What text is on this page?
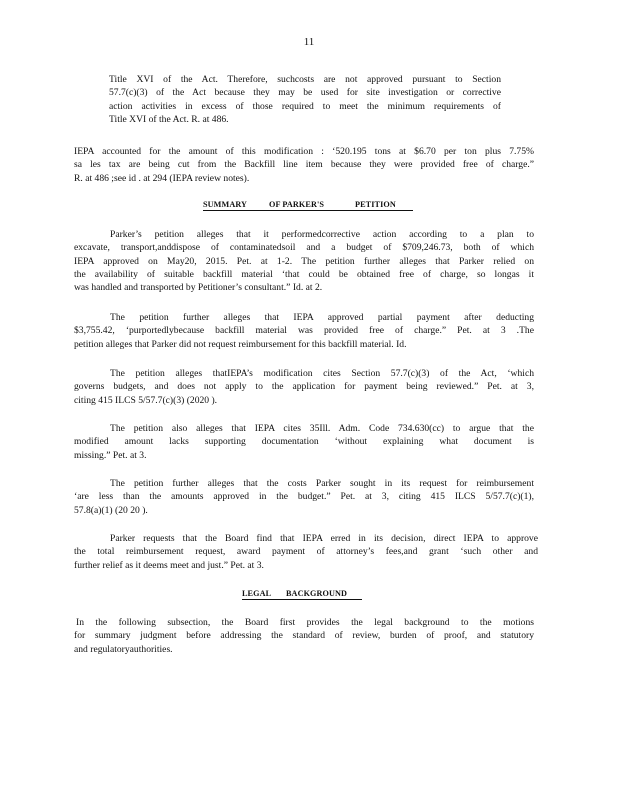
11
Title XVI of the Act. Therefore, suchcosts are not approved pursuant to Section
57.7(c)(3) of the Act because they may be used for site investigation or corrective
action activities in excess of those required to meet the minimum requirements of
Title XVI of the Act. R. at 486.
IEPA accounted for the amount of this modification : ‘520.195 tons at $6.70 per ton plus 7.75%
sa les tax are being cut from the Backfill line item because they were provided free of charge.”
R. at 486 ;see id . at 294 (IEPA review notes).
SUMMARY	OF PARKER'S	PETITION
Parker’s petition alleges that it performedcorrective action according to a plan to
excavate, transport,anddispose of contaminatedsoil and a budget of $709,246.73, both of which
IEPA approved on May20, 2015. Pet. at 1-2. The petition further alleges that Parker relied on
the availability of suitable backfill material ‘that could be obtained free of charge, so longas it
was handled and transported by Petitioner’s consultant.” Id. at 2.
The petition further alleges that IEPA approved partial payment after deducting
$3,755.42, ‘purportedlybecause backfill material was provided free of charge.” Pet. at 3 .The
petition alleges that Parker did not request reimbursement for this backfill material. Id.
The petition alleges thatIEPA’s modification cites Section 57.7(c)(3) of the Act, ‘which
governs budgets, and does not apply to the application for payment being reviewed.” Pet. at 3,
citing 415 ILCS 5/57.7(c)(3) (2020 ).
The petition also alleges that IEPA cites 35Ill. Adm. Code 734.630(cc) to argue that the
modified amount lacks supporting documentation ‘without explaining what document is
missing.” Pet. at 3.
The petition further alleges that the costs Parker sought in its request for reimbursement
‘are less than the amounts approved in the budget.” Pet. at 3, citing 415 ILCS 5/57.7(c)(1),
57.8(a)(1) (20 20 ).
Parker requests that the Board find that IEPA erred in its decision, direct IEPA to approve
the total reimbursement request, award payment of attorney’s fees,and grant ‘such other and
further relief as it deems meet and just.” Pet. at 3.
LEGAL BACKGROUND
In the following subsection, the Board first provides the legal background to the motions
for summary judgment before addressing the standard of review, burden of proof, and statutory
and regulatoryauthorities.
